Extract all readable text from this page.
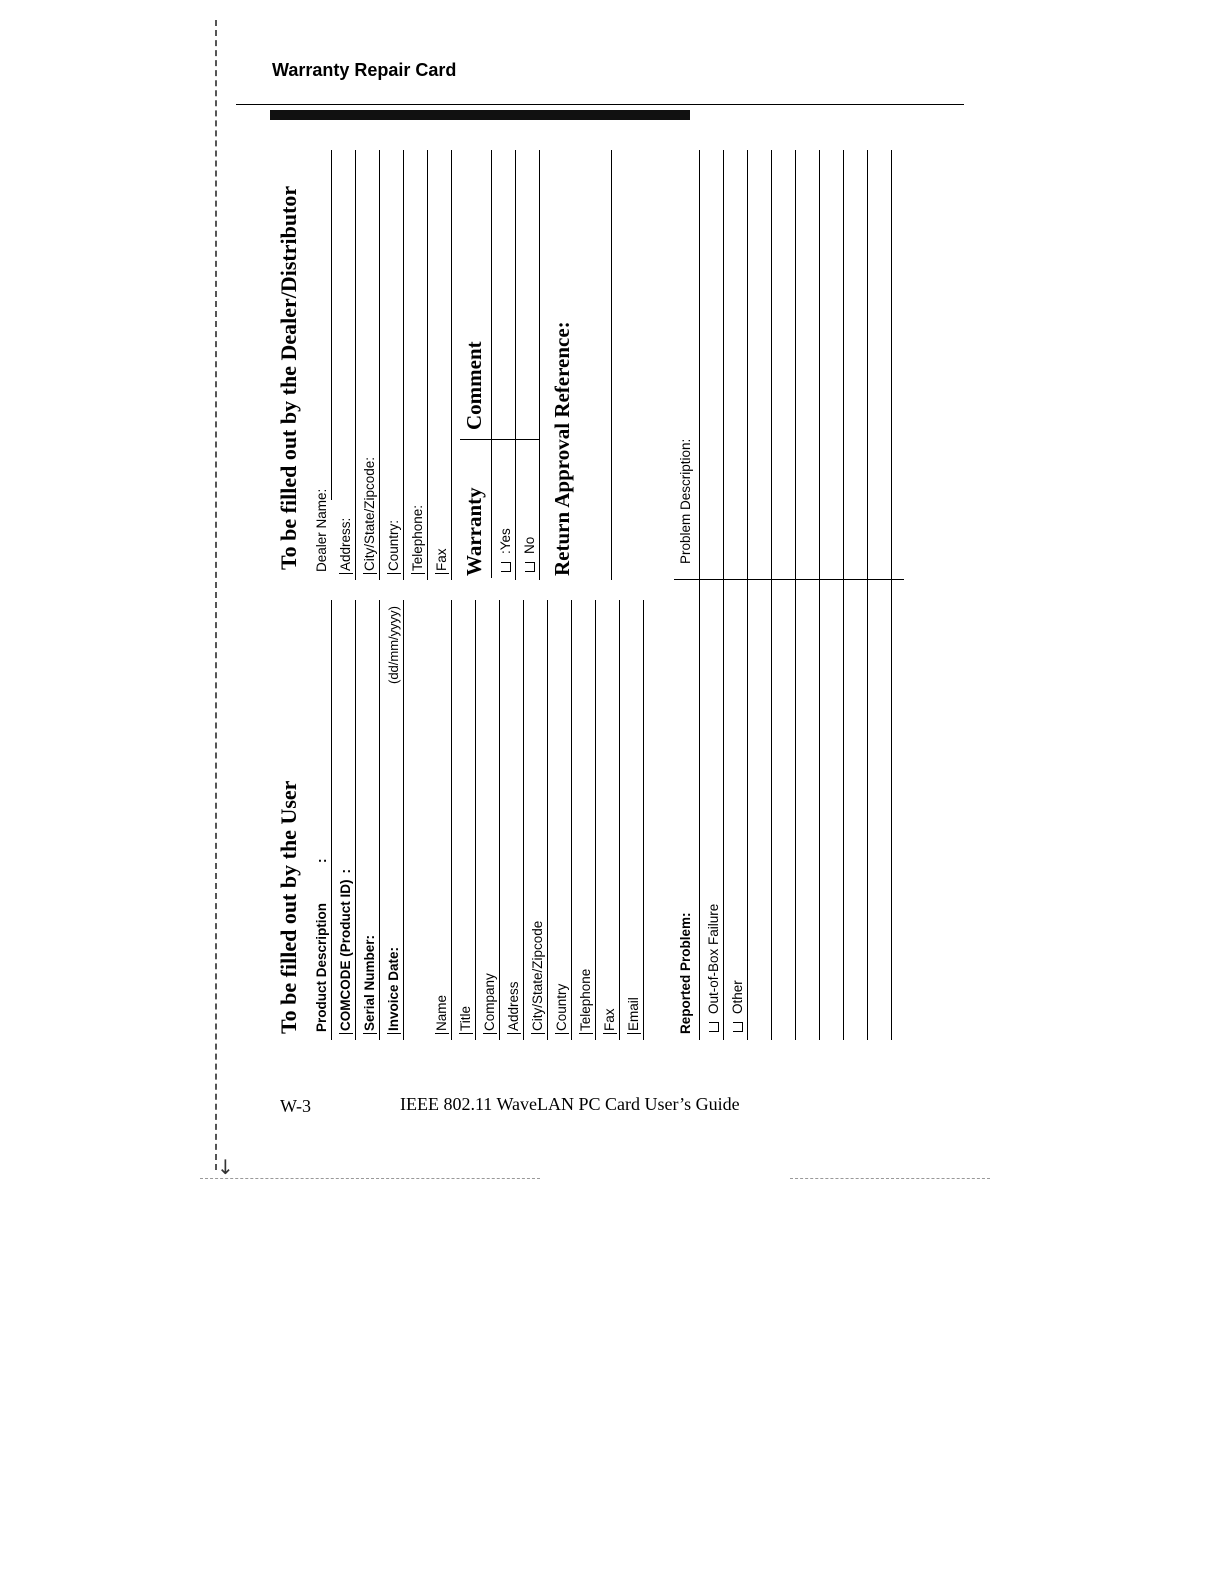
↓
Warranty Repair Card
To be filled out by the User Product Description:
COMCODE (Product ID):
Serial Number: Invoice Date:
(dd/mm/yyyy)
Name Title Company Address City/State/Zipcode Country Telephone Fax Email
To be filled out by the Dealer/Distributor Dealer Name: Address: City/State/Zipcode: Country: Telephone: Fax Warranty
Comment
:Yes No Return Approval Reference:
Reported Problem:
Problem Description:
Out-of-Box Failure Other
W-3	IEEE 802.11 WaveLAN PC Card User’s Guide
